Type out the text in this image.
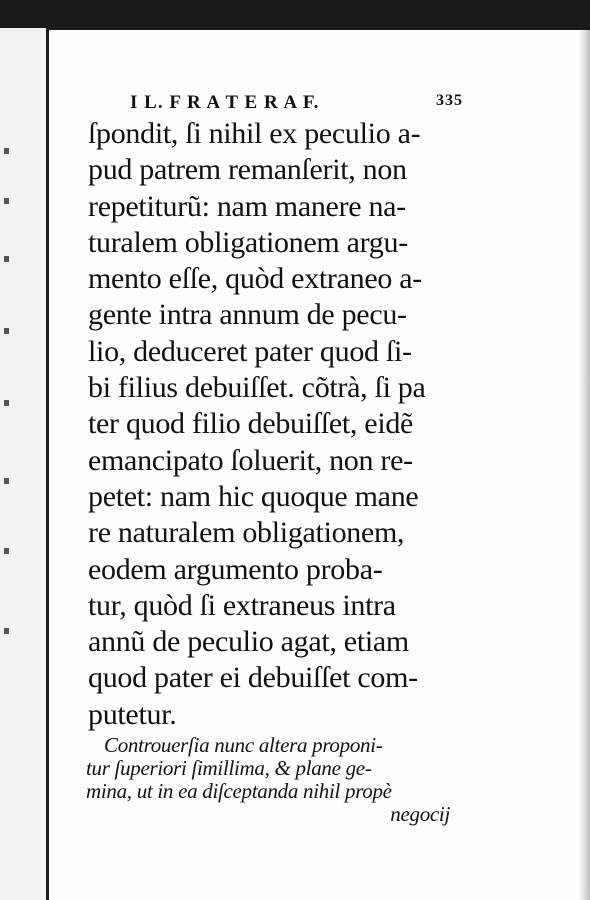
I L. F R A T E R A F.	335
ſpondit, ſi nihil ex peculio a-
pud patrem remanſerit, non
repetiturũ: nam manere na-
turalem obligationem argu-
mento eſſe, quòd extraneo a-
gente intra annum de pecu-
lio, deduceret pater quod ſi-
bi filius debuiſſet. cõtrà, ſi pa
ter quod filio debuiſſet, eidẽ
emancipato ſoluerit, non re-
petet: nam hic quoque mane
re naturalem obligationem,
eodem argumento proba-
tur, quòd ſi extraneus intra
annũ de peculio agat, etiam
quod pater ei debuiſſet com-
putetur.
Controuerſia nunc altera proponi-
tur ſuperiori ſimillima, & plane ge-
mina, ut in ea diſceptanda nihil propè
negocij
